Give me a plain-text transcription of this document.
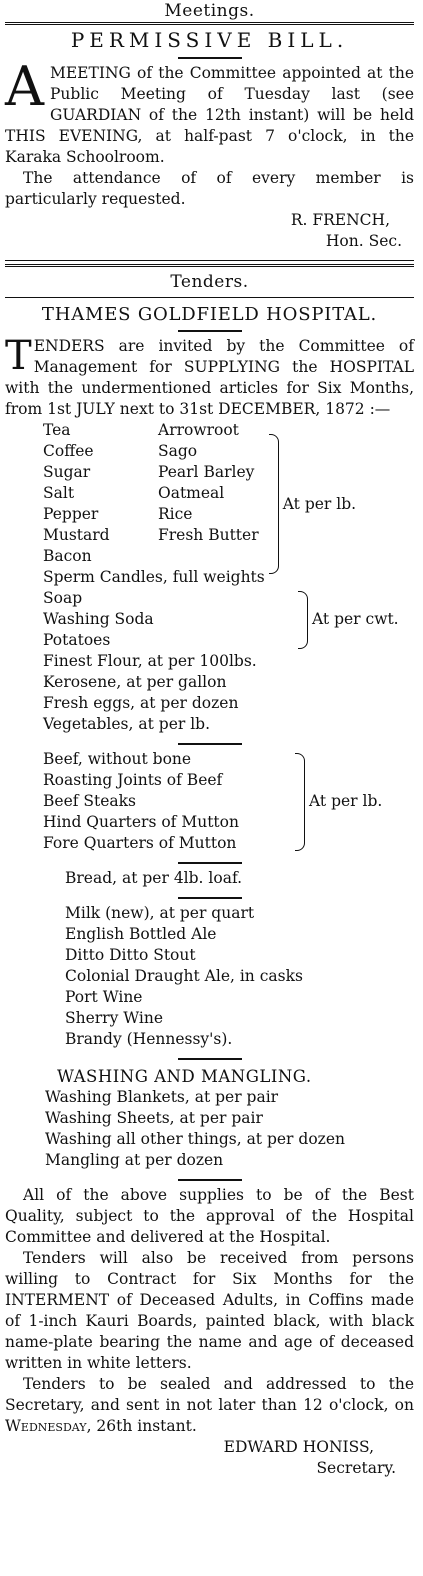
Meetings.
PERMISSIVE BILL.
A MEETING of the Committee appointed at the Public Meeting of Tuesday last (see GUARDIAN of the 12th instant) will be held THIS EVENING, at half-past 7 o'clock, in the Karaka Schoolroom.

The attendance of of every member is particularly requested.

R. FRENCH,
Hon. Sec.
Tenders.
THAMES GOLDFIELD HOSPITAL.
T ENDERS are invited by the Committee of Management for SUPPLYING the HOSPITAL with the undermentioned articles for Six Months, from 1st JULY next to 31st DECEMBER, 1872 :—

Tea	Arrowroot
Coffee	Sago
Sugar	Pearl Barley
Salt	Oatmeal
Pepper	Rice
Mustard	Fresh Butter
Bacon
Sperm Candles, full weights
At per lb.
Soap
Washing Soda
Potatoes
At per cwt.
Finest Flour, at per 100lbs.
Kerosene, at per gallon
Fresh eggs, at per dozen
Vegetables, at per lb.
Beef, without bone
Roasting Joints of Beef
Beef Steaks
Hind Quarters of Mutton
Fore Quarters of Mutton
At per lb.
Bread, at per 4lb. loaf.
Milk (new), at per quart
English Bottled Ale
Ditto Ditto Stout
Colonial Draught Ale, in casks
Port Wine
Sherry Wine
Brandy (Hennessy's).
WASHING AND MANGLING.
Washing Blankets, at per pair
Washing Sheets, at per pair
Washing all other things, at per dozen
Mangling at per dozen

All of the above supplies to be of the Best Quality, subject to the approval of the Hospital Committee and delivered at the Hospital.

Tenders will also be received from persons willing to Contract for Six Months for the INTERMENT of Deceased Adults, in Coffins made of 1-inch Kauri Boards, painted black, with black name-plate bearing the name and age of deceased written in white letters.

Tenders to be sealed and addressed to the Secretary, and sent in not later than 12 o'clock, on Wednesday, 26th instant.

EDWARD HONISS,
Secretary.
